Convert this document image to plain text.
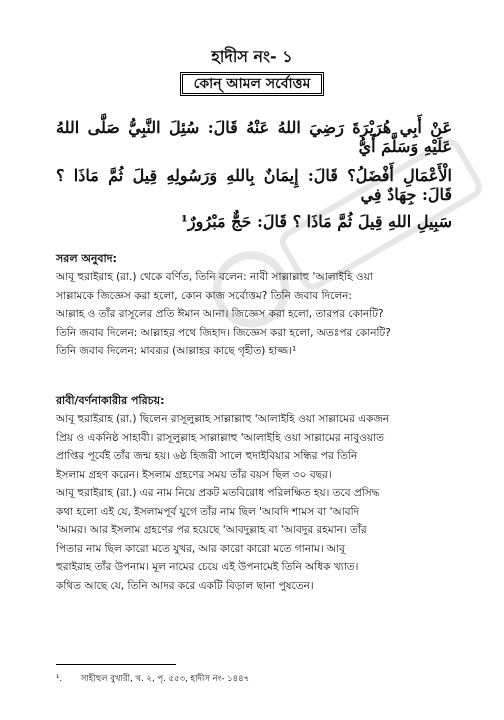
হাদীস নং- ১
কোন্‌ আমল সর্বোত্তম
عَنْ أَبِي هُرَيْرَةَ رَضِيَ اللهُ عَنْهُ قَالَ: سُئِلَ النَّبِيُّ صَلَّى اللهُ عَلَيْهِ وَسَلَّمَ أَيُّ
الْأَعْمَالِ أَفْضَلُ؟ قَالَ: إِيمَانٌ بِاللهِ وَرَسُولِهِ قِيلَ ثُمَّ مَاذَا ؟ قَالَ: جِهَادٌ فِي
سَبِيلِ اللهِ قِيلَ ثُمَّ مَاذَا ؟ قَالَ: حَجٌّ مَبْرُورٌ¹
সরল অনুবাদ:
আবূ হুরাইরাহ (রা.) থেকে বর্ণিত, তিনি বলেন: নাবী সাল্লাল্লাহু 'আলাইহি ওয়া
সাল্লামকে জিজ্ঞেস করা হলো, কোন কাজ সর্বোত্তম? তিনি জবাব দিলেন:
আল্লাহ ও তাঁর রাসূলের প্রতি ঈমান আনা। জিজ্ঞেস করা হলো, তারপর কোনটি?
তিনি জবাব দিলেন: আল্লাহর পথে জিহাদ। জিজ্ঞেস করা হলো, অতঃপর কোনটি?
তিনি জবাব দিলেন: মাবরূর (আল্লাহর কাছে গৃহীত) হাজ্জ।¹
রাবী/বর্ণনাকারীর পরিচয়:
আবূ হুরাইরাহ (রা.) ছিলেন রাসূলুল্লাহ সাল্লাল্লাহু 'আলাইহি ওয়া সাল্লামের একজন
প্রিয় ও একনিষ্ঠ সাহাবী। রাসূলুল্লাহ সাল্লাল্লাহু 'আলাইহি ওয়া সাল্লামের নাবুওয়াত
প্রাপ্তির পূর্বেই তাঁর জন্ম হয়। ৬ষ্ঠ হিজরী সালে হুদাইবিয়ার সন্ধির পর তিনি
ইসলাম গ্রহণ করেন। ইসলাম গ্রহণের সময় তাঁর বয়স ছিল ৩০ বছর।
আবূ হুরাইরাহ (রা.) এর নাম নিয়ে প্রকট মতবিরোধ পরিলক্ষিত হয়। তবে প্রসিদ্ধ
কথা হলো এই যে, ইসলামপূর্ব যুগে তাঁর নাম ছিল 'আবদি শামস বা 'আবদি
'আমর। আর ইসলাম গ্রহণের পর হয়েছে 'আবদুল্লাহ বা 'আবদুর রহমান। তাঁর
পিতার নাম ছিল কারো মতে যুখর, আর কারো কারো মতে গানাম। আবূ
হুরাইরাহ তাঁর উপনাম। মূল নামের চেয়ে এই উপনামেই তিনি অধিক খ্যাত।
কথিত আছে যে, তিনি আদর করে একটি বিড়াল ছানা পুষতেন।
¹. সাহীহুল বুখারী, খ. ২, পৃ. ৫৫৩, হাদীস নং- ১৪৪৭
